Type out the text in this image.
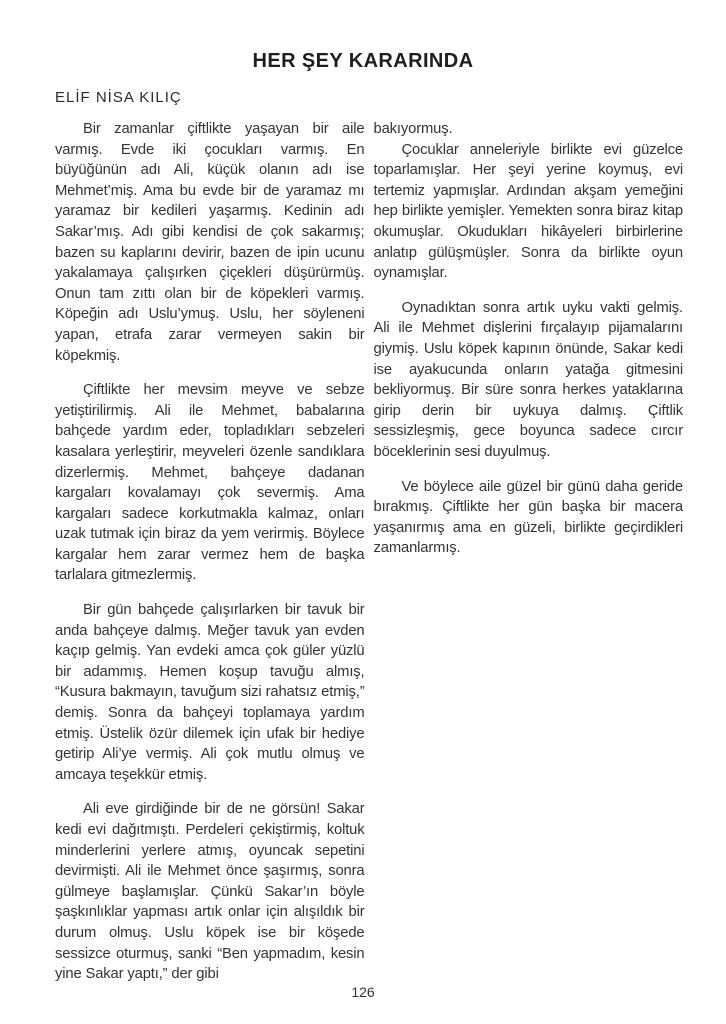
HER ŞEY KARARINDA
ELİF NİSA KILIÇ

Bir zamanlar çiftlikte yaşayan bir aile varmış. Evde iki çocukları varmış. En büyüğünün adı Ali, küçük olanın adı ise Mehmet’miş. Ama bu evde bir de yaramaz mı yaramaz bir kedileri yaşarmış. Kedinin adı Sakar’mış. Adı gibi kendisi de çok sakarmış; bazen su kaplarını devirir, bazen de ipin ucunu yakalamaya çalışırken çiçekleri düşürürmüş. Onun tam zıttı olan bir de köpekleri varmış. Köpeğin adı Uslu’ymuş. Uslu, her söyleneni yapan, etrafa zarar vermeyen sakin bir köpekmiş.

Çiftlikte her mevsim meyve ve sebze yetiştirilirmiş. Ali ile Mehmet, babalarına bahçede yardım eder, topladıkları sebzeleri kasalara yerleştirir, meyveleri özenle sandıklara dizerlermiş. Mehmet, bahçeye dadanan kargaları kovalamayı çok severmiş. Ama kargaları sadece korkutmakla kalmaz, onları uzak tutmak için biraz da yem verirmiş. Böylece kargalar hem zarar vermez hem de başka tarlalara gitmezlermiş.

Bir gün bahçede çalışırlarken bir tavuk bir anda bahçeye dalmış. Meğer tavuk yan evden kaçıp gelmiş. Yan evdeki amca çok güler yüzlü bir adammış. Hemen koşup tavuğu almış, “Kusura bakmayın, tavuğum sizi rahatsız etmiş,” demiş. Sonra da bahçeyi toplamaya yardım etmiş. Üstelik özür dilemek için ufak bir hediye getirip Ali’ye vermiş. Ali çok mutlu olmuş ve amcaya teşekkür etmiş.

Ali eve girdiğinde bir de ne görsün! Sakar kedi evi dağıtmıştı. Perdeleri çekiştirmiş, koltuk minderlerini yerlere atmış, oyuncak sepetini devirmişti. Ali ile Mehmet önce şaşırmış, sonra gülmeye başlamışlar. Çünkü Sakar’ın böyle şaşkınlıklar yapması artık onlar için alışıldık bir durum olmuş. Uslu köpek ise bir köşede sessizce oturmuş, sanki “Ben yapmadım, kesin yine Sakar yaptı,” der gibi

bakıyormuş.

Çocuklar anneleriyle birlikte evi güzelce toparlamışlar. Her şeyi yerine koymuş, evi tertemiz yapmışlar. Ardından akşam yemeğini hep birlikte yemişler. Yemekten sonra biraz kitap okumuşlar. Okudukları hikâyeleri birbirlerine anlatıp gülüşmüşler. Sonra da birlikte oyun oynamışlar.

Oynadıktan sonra artık uyku vakti gelmiş. Ali ile Mehmet dişlerini fırçalayıp pijamalarını giymiş. Uslu köpek kapının önünde, Sakar kedi ise ayakucunda onların yatağa gitmesini bekliyormuş. Bir süre sonra herkes yataklarına girip derin bir uykuya dalmış. Çiftlik sessizleşmiş, gece boyunca sadece cırcır böceklerinin sesi duyulmuş.

Ve böylece aile güzel bir günü daha geride bırakmış. Çiftlikte her gün başka bir macera yaşanırmış ama en güzeli, birlikte geçirdikleri zamanlarmış.

126
